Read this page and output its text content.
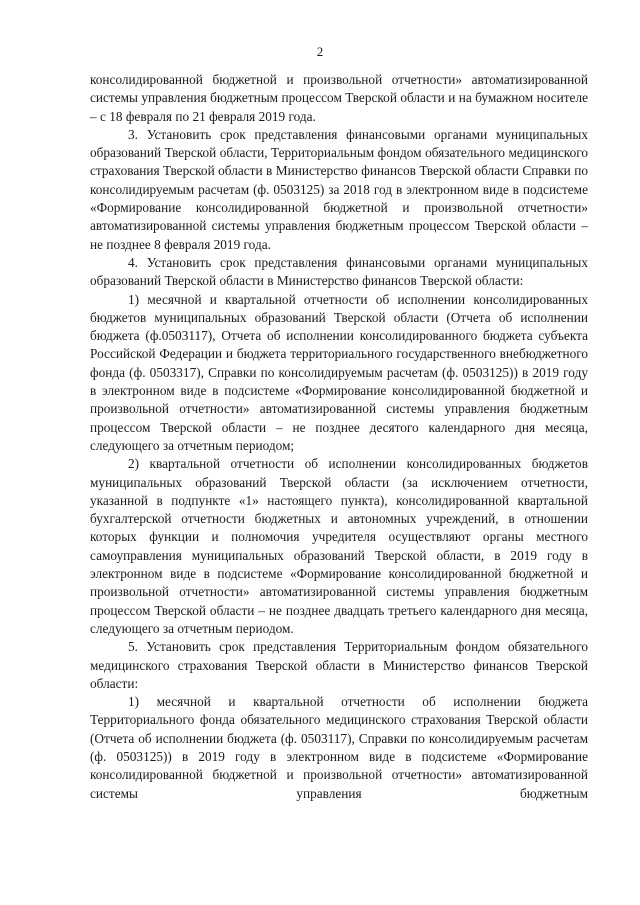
2

консолидированной бюджетной и произвольной отчетности» автоматизированной системы управления бюджетным процессом Тверской области и на бумажном носителе – с 18 февраля по 21 февраля 2019 года.

3. Установить срок представления финансовыми органами муниципальных образований Тверской области, Территориальным фондом обязательного медицинского страхования Тверской области в Министерство финансов Тверской области Справки по консолидируемым расчетам (ф. 0503125) за 2018 год в электронном виде в подсистеме «Формирование консолидированной бюджетной и произвольной отчетности» автоматизированной системы управления бюджетным процессом Тверской области – не позднее 8 февраля 2019 года.

4. Установить срок представления финансовыми органами муниципальных образований Тверской области в Министерство финансов Тверской области:

1) месячной и квартальной отчетности об исполнении консолидированных бюджетов муниципальных образований Тверской области (Отчета об исполнении бюджета (ф.0503117), Отчета об исполнении консолидированного бюджета субъекта Российской Федерации и бюджета территориального государственного внебюджетного фонда (ф. 0503317), Справки по консолидируемым расчетам (ф. 0503125)) в 2019 году в электронном виде в подсистеме «Формирование консолидированной бюджетной и произвольной отчетности» автоматизированной системы управления бюджетным процессом Тверской области – не позднее десятого календарного дня месяца, следующего за отчетным периодом;

2) квартальной отчетности об исполнении консолидированных бюджетов муниципальных образований Тверской области (за исключением отчетности, указанной в подпункте «1» настоящего пункта), консолидированной квартальной бухгалтерской отчетности бюджетных и автономных учреждений, в отношении которых функции и полномочия учредителя осуществляют органы местного самоуправления муниципальных образований Тверской области, в 2019 году в электронном виде в подсистеме «Формирование консолидированной бюджетной и произвольной отчетности» автоматизированной системы управления бюджетным процессом Тверской области – не позднее двадцать третьего календарного дня месяца, следующего за отчетным периодом.

5. Установить срок представления Территориальным фондом обязательного медицинского страхования Тверской области в Министерство финансов Тверской области:

1) месячной и квартальной отчетности об исполнении бюджета Территориального фонда обязательного медицинского страхования Тверской области (Отчета об исполнении бюджета (ф. 0503117), Справки по консолидируемым расчетам (ф. 0503125)) в 2019 году в электронном виде в подсистеме «Формирование консолидированной бюджетной и произвольной отчетности» автоматизированной системы управления бюджетным
